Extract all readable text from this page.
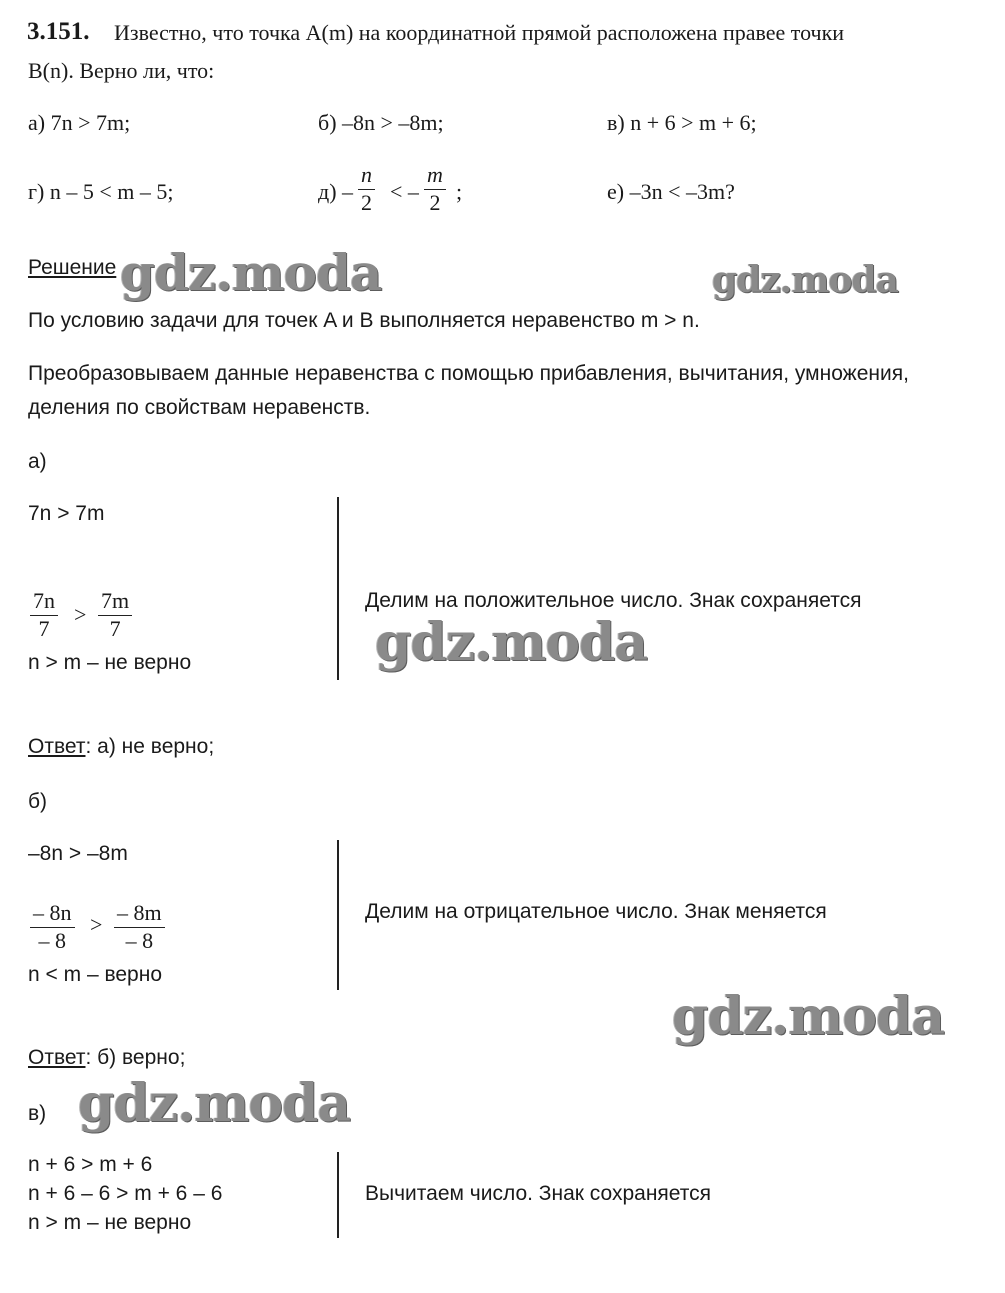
3.151. Известно, что точка A(m) на координатной прямой расположена правее точки
B(n). Верно ли, что:
а) 7n > 7m;	б) –8n > –8m;	в) n + 6 > m + 6;
г) n – 5 < m – 5;	$д) - \frac{n}{2}$ < – $\frac{m}{2}$ ;	е) –3n < –3m?
Решение
По условию задачи для точек A и B выполняется неравенство m > n.
Преобразовываем данные неравенства с помощью прибавления, вычитания, умножения,
деления по свойствам неравенств.
а)
7n > 7m
$\frac{7n}{7} > \frac{7m}{7}$
n > m – не верно
Делим на положительное число. Знак сохраняется
Ответ: а) не верно;
б)
–8n > –8m
$\frac{- 8n}{- 8} > \frac{- 8m}{- 8}$
n < m – верно
Делим на отрицательное число. Знак меняется
Ответ: б) верно;
в)
n + 6 > m + 6
n + 6 – 6 > m + 6 – 6
n > m – не верно
Вычитаем число. Знак сохраняется
gdz.moda	gdz.moda
gdz.moda
gdz.moda
gdz.moda
